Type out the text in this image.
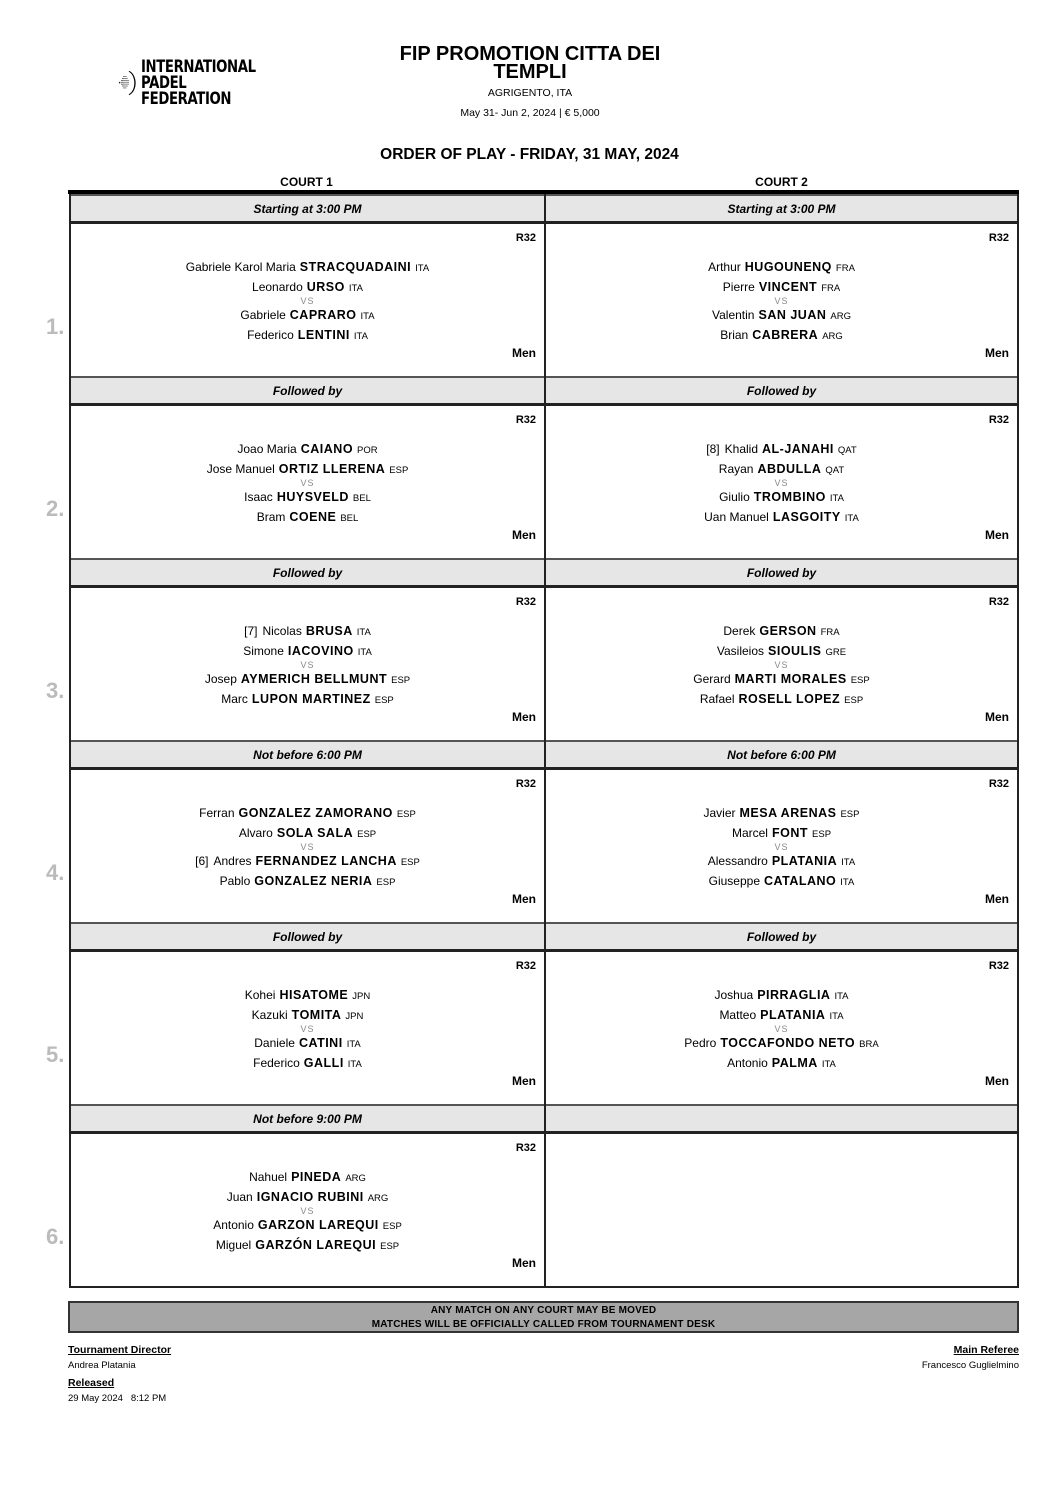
INTERNATIONAL
PADEL
FEDERATION
FIP PROMOTION CITTA DEI
TEMPLI
AGRIGENTO, ITA
May 31- Jun 2, 2024 | € 5,000
ORDER OF PLAY - FRIDAY, 31 MAY, 2024
COURT 1	COURT 2
Starting at 3:00 PM	Starting at 3:00 PM
1.
R32
Gabriele Karol Maria STRACQUADAINI ITA
Leonardo URSO ITA
VS
Gabriele CAPRARO ITA
Federico LENTINI ITA
Men
R32
Arthur HUGOUNENQ FRA
Pierre VINCENT FRA
VS
Valentin SAN JUAN ARG
Brian CABRERA ARG
Men
Followed by	Followed by
2.
R32
Joao Maria CAIANO POR
Jose Manuel ORTIZ LLERENA ESP
VS
Isaac HUYSVELD BEL
Bram COENE BEL
Men
R32
[8] Khalid AL-JANAHI QAT
Rayan ABDULLA QAT
VS
Giulio TROMBINO ITA
Uan Manuel LASGOITY ITA
Men
Followed by	Followed by
3.
R32
[7] Nicolas BRUSA ITA
Simone IACOVINO ITA
VS
Josep AYMERICH BELLMUNT ESP
Marc LUPON MARTINEZ ESP
Men
R32
Derek GERSON FRA
Vasileios SIOULIS GRE
VS
Gerard MARTI MORALES ESP
Rafael ROSELL LOPEZ ESP
Men
Not before 6:00 PM	Not before 6:00 PM
4.
R32
Ferran GONZALEZ ZAMORANO ESP
Alvaro SOLA SALA ESP
VS
[6] Andres FERNANDEZ LANCHA ESP
Pablo GONZALEZ NERIA ESP
Men
R32
Javier MESA ARENAS ESP
Marcel FONT ESP
VS
Alessandro PLATANIA ITA
Giuseppe CATALANO ITA
Men
Followed by	Followed by
5.
R32
Kohei HISATOME JPN
Kazuki TOMITA JPN
VS
Daniele CATINI ITA
Federico GALLI ITA
Men
R32
Joshua PIRRAGLIA ITA
Matteo PLATANIA ITA
VS
Pedro TOCCAFONDO NETO BRA
Antonio PALMA ITA
Men
Not before 9:00 PM
6.
R32
Nahuel PINEDA ARG
Juan IGNACIO RUBINI ARG
VS
Antonio GARZON LAREQUI ESP
Miguel GARZÓN LAREQUI ESP
Men
ANY MATCH ON ANY COURT MAY BE MOVED
MATCHES WILL BE OFFICIALLY CALLED FROM TOURNAMENT DESK
Tournament Director
Andrea Platania
Released
29 May 2024   8:12 PM
Main Referee
Francesco Guglielmino
